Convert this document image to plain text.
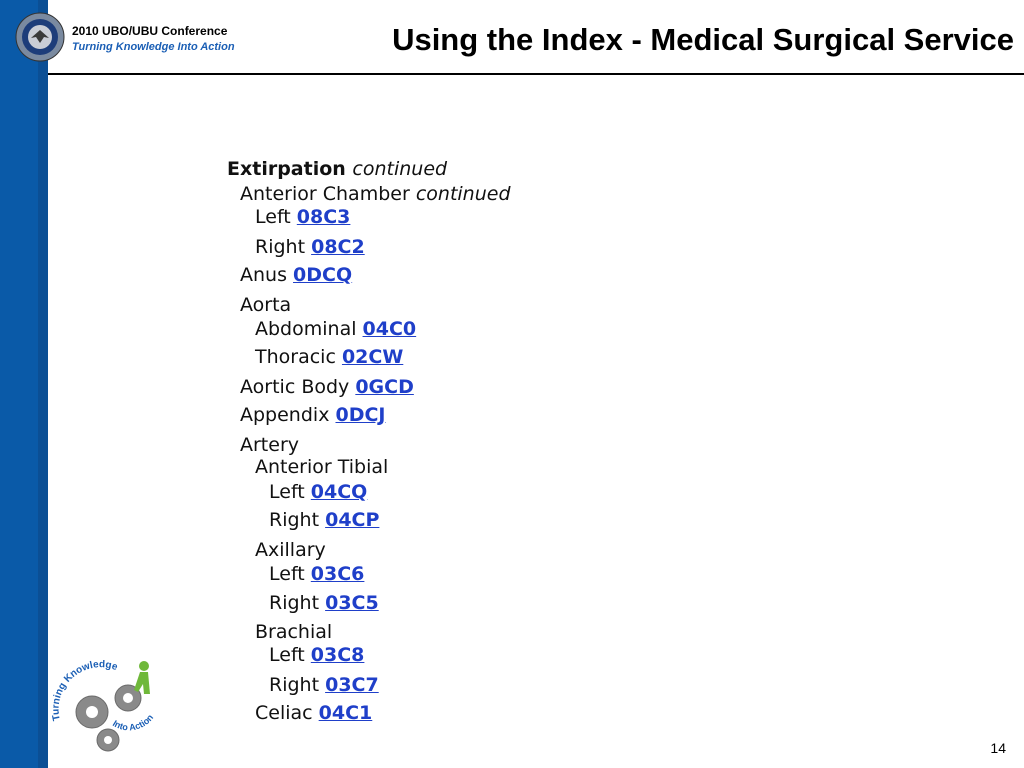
2010 UBO/UBU Conference
Turning Knowledge Into Action	Using the Index - Medical Surgical Service
Extirpation continued
Anterior Chamber continued
Left 08C3
Right 08C2
Anus 0DCQ
Aorta
Abdominal 04C0
Thoracic 02CW
Aortic Body 0GCD
Appendix 0DCJ
Artery
Anterior Tibial
Left 04CQ
Right 04CP
Axillary
Left 03C6
Right 03C5
Brachial
Left 03C8
Right 03C7
Celiac 04C1
Turning Knowledge
Into Action
14
